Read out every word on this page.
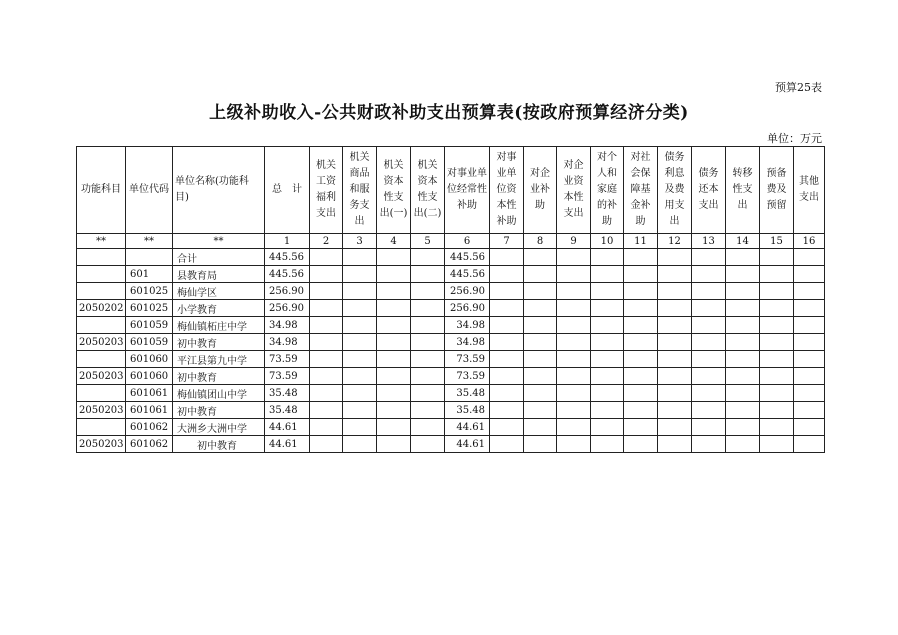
预算25表
上级补助收入-公共财政补助支出预算表(按政府预算经济分类)
单位：万元
功能科目	单位代码	单位名称(功能科目)	总　计	机关工资福利支出	机关商品和服务支出	机关资本性支出(一)	机关资本性支出(二)	对事业单位经常性补助	对事业单位资本性补助	对企业补助	对企业资本性支出	对个人和家庭的补助	对社会保障基金补助	债务利息及费用支出	债务还本支出	转移性支出	预备费及预留	其他支出
**	**	**	1	2	3	4	5	6	7	8	9	10	11	12	13	14	15	16
		合计	445.56					445.56										
	601	县教育局	445.56					445.56										
	601025	梅仙学区	256.90					256.90										
2050202	601025	小学教育	256.90					256.90										
	601059	梅仙镇柘庄中学	34.98					34.98										
2050203	601059	初中教育	34.98					34.98										
	601060	平江县第九中学	73.59					73.59										
2050203	601060	初中教育	73.59					73.59										
	601061	梅仙镇团山中学	35.48					35.48										
2050203	601061	初中教育	35.48					35.48										
	601062	大洲乡大洲中学	44.61					44.61										
2050203	601062	初中教育	44.61					44.61										
